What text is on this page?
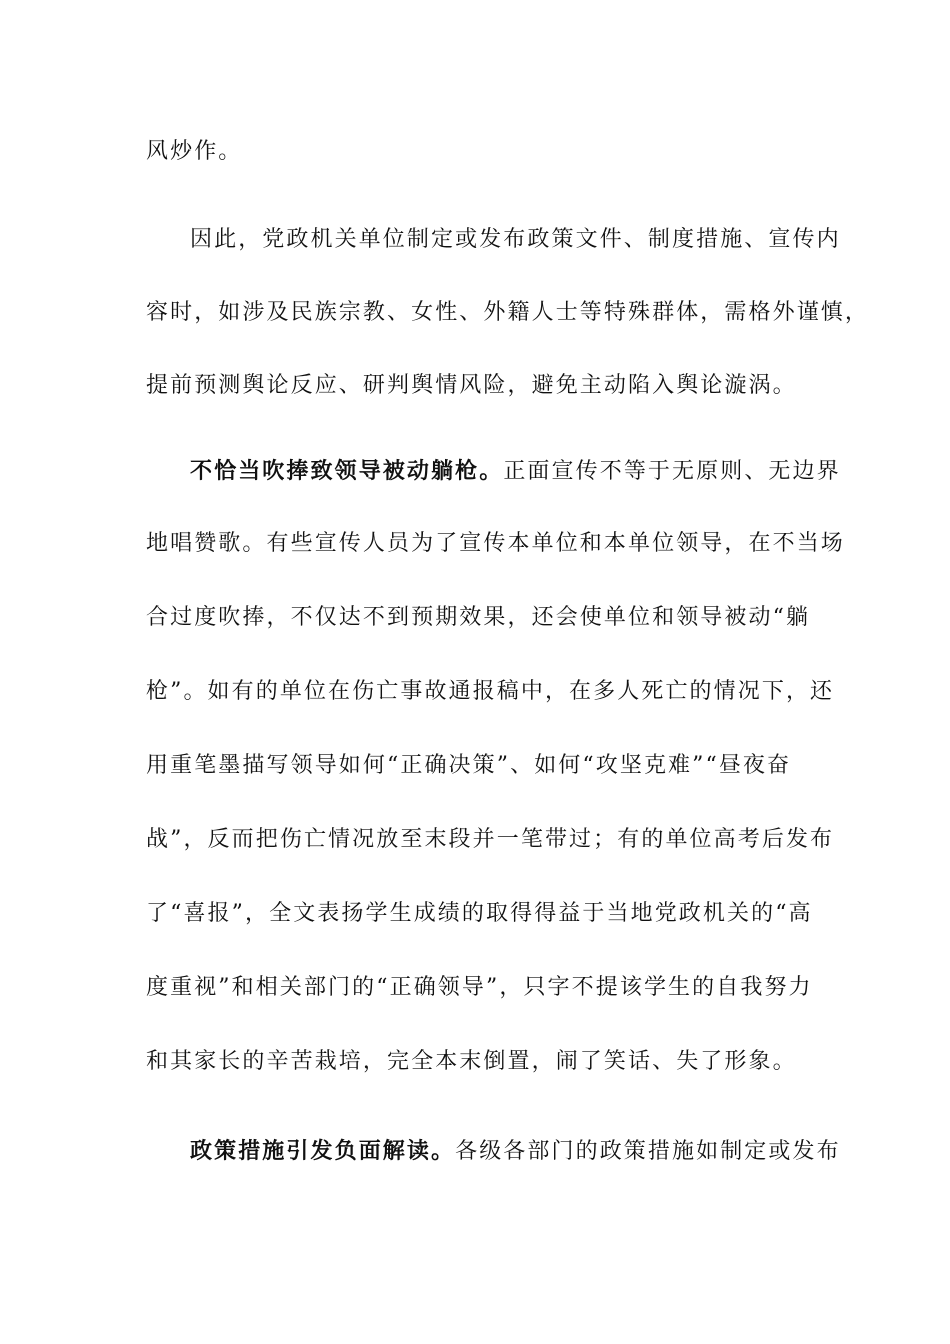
风炒作。
因此，党政机关单位制定或发布政策文件、制度措施、宣传内
容时，如涉及民族宗教、女性、外籍人士等特殊群体，需格外谨慎，
提前预测舆论反应、研判舆情风险，避免主动陷入舆论漩涡。
不恰当吹捧致领导被动躺枪。正面宣传不等于无原则、无边界
地唱赞歌。有些宣传人员为了宣传本单位和本单位领导，在不当场
合过度吹捧，不仅达不到预期效果，还会使单位和领导被动“躺
枪”。如有的单位在伤亡事故通报稿中，在多人死亡的情况下，还
用重笔墨描写领导如何“正确决策”、如何“攻坚克难”“昼夜奋
战”，反而把伤亡情况放至末段并一笔带过；有的单位高考后发布
了“喜报”，全文表扬学生成绩的取得得益于当地党政机关的“高
度重视”和相关部门的“正确领导”，只字不提该学生的自我努力
和其家长的辛苦栽培，完全本末倒置，闹了笑话、失了形象。
政策措施引发负面解读。各级各部门的政策措施如制定或发布
